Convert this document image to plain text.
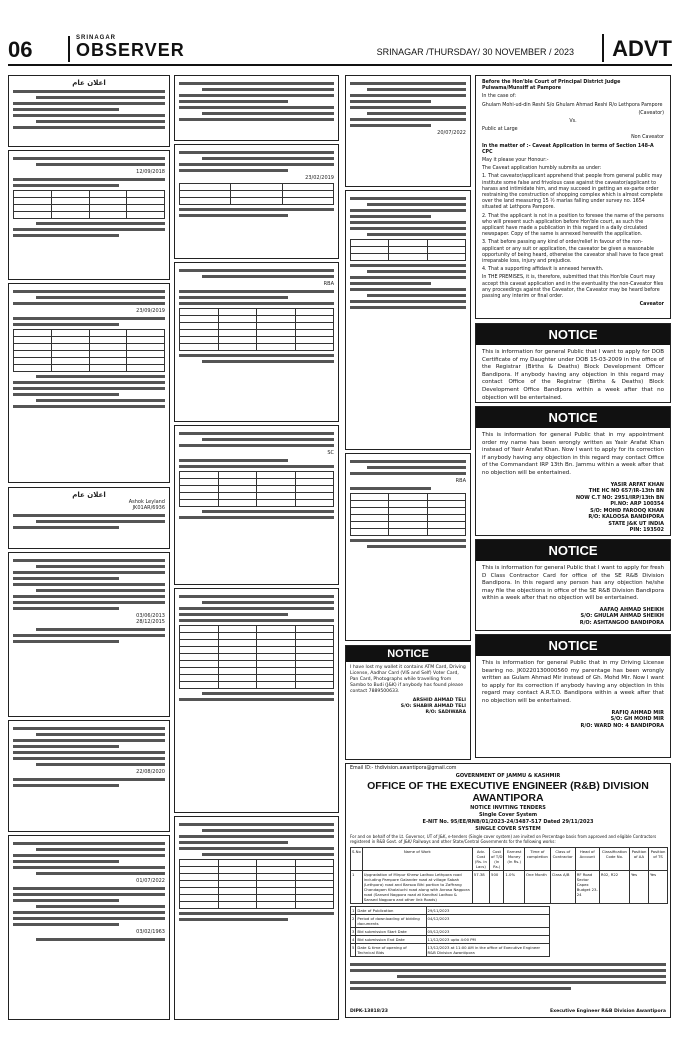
06	SRINAGAR
OBSERVER	SRINAGAR /THURSDAY/ 30 NOVEMBER / 2023	ADVT
اعلان عام
12/09/2018

23/09/2019

اعلان عام
Ashok Leyland
JK01AR/6936
03/06/2013
28/12/2015
22/08/2020
01/07/2022
03/02/1963
23/02/2019

RBA

SC

20/07/2022

RBA

NOTICE
I have lost my wallet it contains ATM Card, Driving License, Aadhar Card (VIS and Self) Voter Card, Pan Card, Photographs while travelling from Sambo to Budi (J&K) if anybody has found please contact 7889500633.
ARSHID AHMAD TELI
S/O: SHABIR AHMAD TELI
R/O: SADIWARA

Before the Hon'ble Court of Principal District Judge Pulwama/Munsiff at Pampore

In the case of:

Ghulam Mohi-ud-din Reshi S/o Ghulam Ahmad Reshi R/o Lethpora Pampore

(Caveator)

Vs.

Public at Large

Non Caveator

In the matter of :- Caveat Application in terms of Section 148-A CPC

May it please your Honour:-

The Caveat application humbly submits as under:

1. That caveator/applicant apprehend that people from general public may institute some false and frivolous case against the caveator/applicant to harass and intimidate him, and may succeed in getting an ex-parte order restraining the construction of shopping complex which is almost complete over the land measuring 15 ½ marlas falling under survey no. 1654 situated at Lethpora Pampore.

2. That the applicant is not in a position to foresee the name of the persons who will present such application before Hon'ble court, as such the applicant have made a publication in this regard in a daily circulated newspaper. Copy of the same is annexed herewith the application.

3. That before passing any kind of order/relief in favour of the non-applicant or any suit or application, the caveator be given a reasonable opportunity of being heard, otherwise the caveator shall have to face great irreparable loss, injury and prejudice.

4. That a supporting affidavit is annexed herewith.

In THE PREMISES, it is, therefore, submitted that this Hon'ble Court may accept this caveat application and in the eventuality the non-Caveator files any proceedings against the Caveator, the Caveator may be heard before passing any interim or final order.

Caveator

NOTICE
This is information for general Public that I want to apply for DOB Certificate of my Daughter under DOB 15-03-2009 in the office of the Registrar (Births & Deaths) Block Development Officer Bandipora. If anybody having any objection in this regard may contact Office of the Registrar (Births & Deaths) Block Development Office Bandipora within a week after that no objection will be entertained.
NOTICE
This is information for general Public that in my appointment order my name has been wrongly written as Yasir Arafat Khan instead of Yasir Arafat Khan. Now I want to apply for its correction if anybody having any objection in this regard may contact Office of the Commandant IRP 13th Bn. Jammu within a week after that no objection will be entertained.
YASIR ARFAT KHAN
THE HC NO 657/IR-13th BN
NOW C.T NO: 2951/IRP/13th BN
PI.NO: ARP 100354
S/O: MOHD FAROOQ KHAN
R/O: KALOOSA BANDIPORA
STATE J&K UT INDIA
PIN: 193502
NOTICE
This is information for general Public that I want to apply for fresh D Class Contractor Card for office of the SE R&B Division Bandipora. In this regard any person has any objection he/she may file the objections in office of the SE R&B Division Bandipora within a week after that no objection will be entertained.
AAFAQ AHMAD SHEIKH
S/O: GHULAM AHMAD SHEIKH
R/O: ASHTANGOO BANDIPORA
NOTICE
This is information for general Public that in my Driving License bearing no. JK0220130000560 my parentage has been wrongly written as Gulam Ahmad Mir instead of Gh. Mohd Mir. Now I want to apply for its correction if anybody having any objection in this regard may contact A.R.T.O. Bandipora within a week after that no objection will be entertained.
RAFIQ AHMAD MIR
S/O: GH MOHD MIR
R/O: WARD NO: 4 BANDIPORA
Email ID:- thdivision.awantipora@gmail.com
GOVERNMENT OF JAMMU & KASHMIR
OFFICE OF THE EXECUTIVE ENGINEER (R&B) DIVISION AWANTIPORA
NOTICE INVITING TENDERS
Single Cover System
E-NIT No. 95/EE/RNB/01/2023-24/3487-517 Dated 29/11/2023
SINGLE COVER SYSTEM
For and on behalf of the Lt. Governor, UT of J&K, e-tenders (Single cover system) are invited on Percentage basis from approved and eligible Contractors registered in R&B Govt. of J&K/ Railways and other State/Central Governments for the following works:
S.No	Name of Work	Adv. Cost (Rs. in Lacs)	Cost of T/D (In Rs.)	Earnest Money (In Rs.)	Time of completion	Class of Contractor	Head of Account	Classification Code No.	Position of AA	Position of TS
1	Upgradation of Mirpur Khrew Ladhoo Lethpora road including Pampore Galander road at village Sabah (Lethpora) road and Barsoo Bihi portion to Zaffrang Chandagam Khalaiuchi road along with Avrosa Nagpora road (Sansed Nagpora road at Kandhal Ladhoo & Sansed Nagpora and other link Roads)	57.38	500	1.0%	One Month	Class A/B	RF Road Sector Capex Budget 23-24	R02, R22	Yes	Yes
1	Date of Publication	29/11/2023
2	Period of downloading of bidding documents	04/12/2023
3	Bid submission Start Date	05/12/2023
4	Bid submission End Date	11/12/2023 upto 4:00 PM
5	Date & time of opening of Technical Bids	13/12/2023 at 11:00 AM in the office of Executive Engineer R&B Division Awantipora
DIPK-13818/23	Executive Engineer R&B Division Awantipora
